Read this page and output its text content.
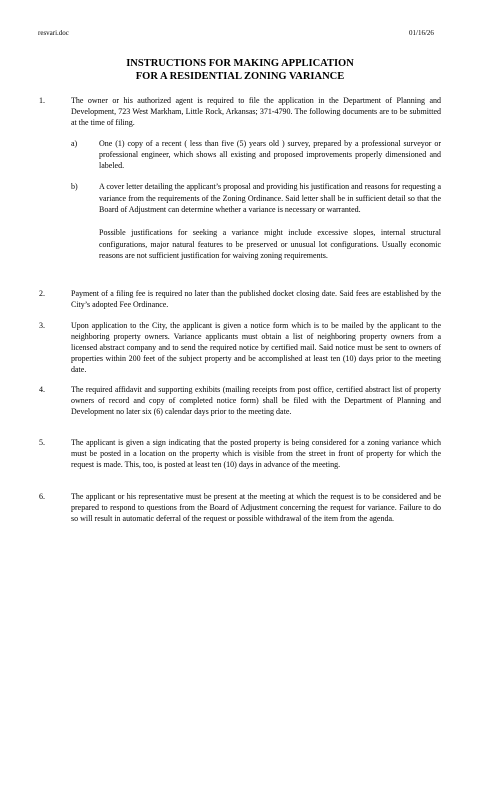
resvari.doc	01/16/26
INSTRUCTIONS FOR MAKING APPLICATION
FOR A RESIDENTIAL ZONING VARIANCE
1.	The owner or his authorized agent is required to file the application in the Department of Planning and Development, 723 West Markham, Little Rock, Arkansas; 371-4790. The following documents are to be submitted at the time of filing.
a)	One (1) copy of a recent ( less than five (5) years old ) survey, prepared by a professional surveyor or professional engineer, which shows all existing and proposed improvements properly dimensioned and labeled.
b)	A cover letter detailing the applicant’s proposal and providing his justification and reasons for requesting a variance from the requirements of the Zoning Ordinance. Said letter shall be in sufficient detail so that the Board of Adjustment can determine whether a variance is necessary or warranted.
Possible justifications for seeking a variance might include excessive slopes, internal structural configurations, major natural features to be preserved or unusual lot configurations. Usually economic reasons are not sufficient justification for waiving zoning requirements.
2.	Payment of a filing fee is required no later than the published docket closing date. Said fees are established by the City’s adopted Fee Ordinance.
3.	Upon application to the City, the applicant is given a notice form which is to be mailed by the applicant to the neighboring property owners. Variance applicants must obtain a list of neighboring property owners from a licensed abstract company and to send the required notice by certified mail. Said notice must be sent to owners of properties within 200 feet of the subject property and be accomplished at least ten (10) days prior to the meeting date.
4.	The required affidavit and supporting exhibits (mailing receipts from post office, certified abstract list of property owners of record and copy of completed notice form) shall be filed with the Department of Planning and Development no later six (6) calendar days prior to the meeting date.
5.	The applicant is given a sign indicating that the posted property is being considered for a zoning variance which must be posted in a location on the property which is visible from the street in front of property for which the request is made. This, too, is posted at least ten (10) days in advance of the meeting.
6.	The applicant or his representative must be present at the meeting at which the request is to be considered and be prepared to respond to questions from the Board of Adjustment concerning the request for variance. Failure to do so will result in automatic deferral of the request or possible withdrawal of the item from the agenda.
